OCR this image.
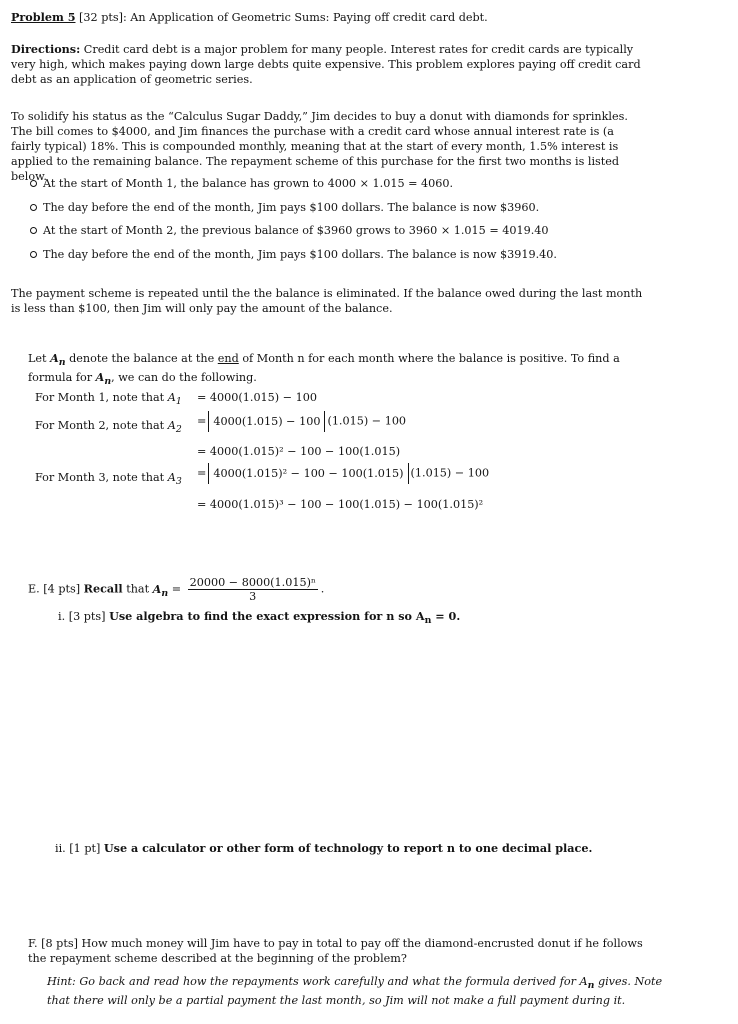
Problem 5 [32 pts]: An Application of Geometric Sums: Paying off credit card debt.

Directions: Credit card debt is a major problem for many people. Interest rates for credit cards are typically very high, which makes paying down large debts quite expensive. This problem explores paying off credit card debt as an application of geometric series.

To solidify his status as the “Calculus Sugar Daddy,” Jim decides to buy a donut with diamonds for sprinkles. The bill comes to $4000, and Jim finances the purchase with a credit card whose annual interest rate is (a fairly typical) 18%. This is compounded monthly, meaning that at the start of every month, 1.5% interest is applied to the remaining balance. The repayment scheme of this purchase for the first two months is listed below.

At the start of Month 1, the balance has grown to 4000 × 1.015 = 4060.
The day before the end of the month, Jim pays $100 dollars. The balance is now $3960.
At the start of Month 2, the previous balance of $3960 grows to 3960 × 1.015 = 4019.40
The day before the end of the month, Jim pays $100 dollars. The balance is now $3919.40.

The payment scheme is repeated until the the balance is eliminated. If the balance owed during the last month is less than $100, then Jim will only pay the amount of the balance.

Let $A_n$ denote the balance at the end of Month n for each month where the balance is positive. To find a formula for $A_n$, we can do the following.

For Month 1, note that $A_1 = 4000(1.015) - 100$
For Month 2, note that $A_2$
= 4000(1.015) − 100 (1.015) − 100
= 4000(1.015)² − 100 − 100(1.015)
For Month 3, note that $A_3$
= 4000(1.015)² − 100 − 100(1.015) (1.015) − 100
= 4000(1.015)³ − 100 − 100(1.015) − 100(1.015)²
E. [4 pts] Recall that $A_n = \frac{\text{20000 − 8000(1.015)ⁿ}}{3}$ .
i. [3 pts] Use algebra to find the exact expression for n so $A_n = 0$.
ii. [1 pt] Use a calculator or other form of technology to report n to one decimal place.

F. [8 pts] How much money will Jim have to pay in total to pay off the diamond-encrusted donut if he follows the repayment scheme described at the beginning of the problem?

Hint: Go back and read how the repayments work carefully and what the formula derived for $A_n$ gives. Note that there will only be a partial payment the last month, so Jim will not make a full payment during it.
